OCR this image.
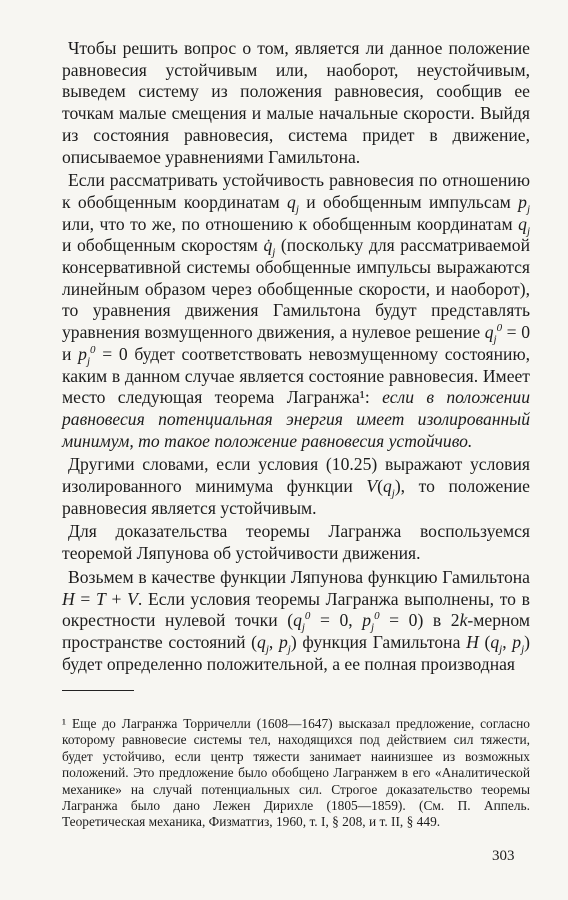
Чтобы решить вопрос о том, является ли данное положение равновесия устойчивым или, наоборот, неустойчивым, выведем систему из положения равновесия, сообщив ее точкам малые смещения и малые начальные скорости. Выйдя из состояния равновесия, система придет в движение, описываемое уравнениями Гамильтона.

Если рассматривать устойчивость равновесия по отношению к обобщенным координатам $q_j$ и обобщенным импульсам $p_j$ или, что то же, по отношению к обобщенным координатам $q_j$ и обобщенным скоростям $q̇_j$ (поскольку для рассматриваемой консервативной системы обобщенные импульсы выражаются линейным образом через обобщенные скорости, и наоборот), то уравнения движения Гамильтона будут представлять уравнения возмущенного движения, а нулевое решение $q_j^0 = 0$ и $p_j^0 = 0$ будет соответствовать невозмущенному состоянию, каким в данном случае является состояние равновесия. Имеет место следующая теорема Лагранжа¹: если в положении равновесия потенциальная энергия имеет изолированный минимум, то такое положение равновесия устойчиво.

Другими словами, если условия (10.25) выражают условия изолированного минимума функции $V(q_j)$, то положение равновесия является устойчивым.

Для доказательства теоремы Лагранжа воспользуемся теоремой Ляпунова об устойчивости движения.

Возьмем в качестве функции Ляпунова функцию Гамильтона H = T + V. Если условия теоремы Лагранжа выполнены, то в окрестности нулевой точки ($q_j^0 = 0$, $p_j^0 = 0$) в 2k-мерном пространстве состояний ($q_j$, $p_j$) функция Гамильтона H ($q_j$, $p_j$) будет определенно положительной, а ее полная производная

¹ Еще до Лагранжа Торричелли (1608—1647) высказал предложение, согласно которому равновесие системы тел, находящихся под действием сил тяжести, будет устойчиво, если центр тяжести занимает наинизшее из возможных положений. Это предложение было обобщено Лагранжем в его «Аналитической механике» на случай потенциальных сил. Строгое доказательство теоремы Лагранжа было дано Лежен Дирихле (1805—1859). (См. П. Аппель. Теоретическая механика, Физматгиз, 1960, т. I, § 208, и т. II, § 449.

303
